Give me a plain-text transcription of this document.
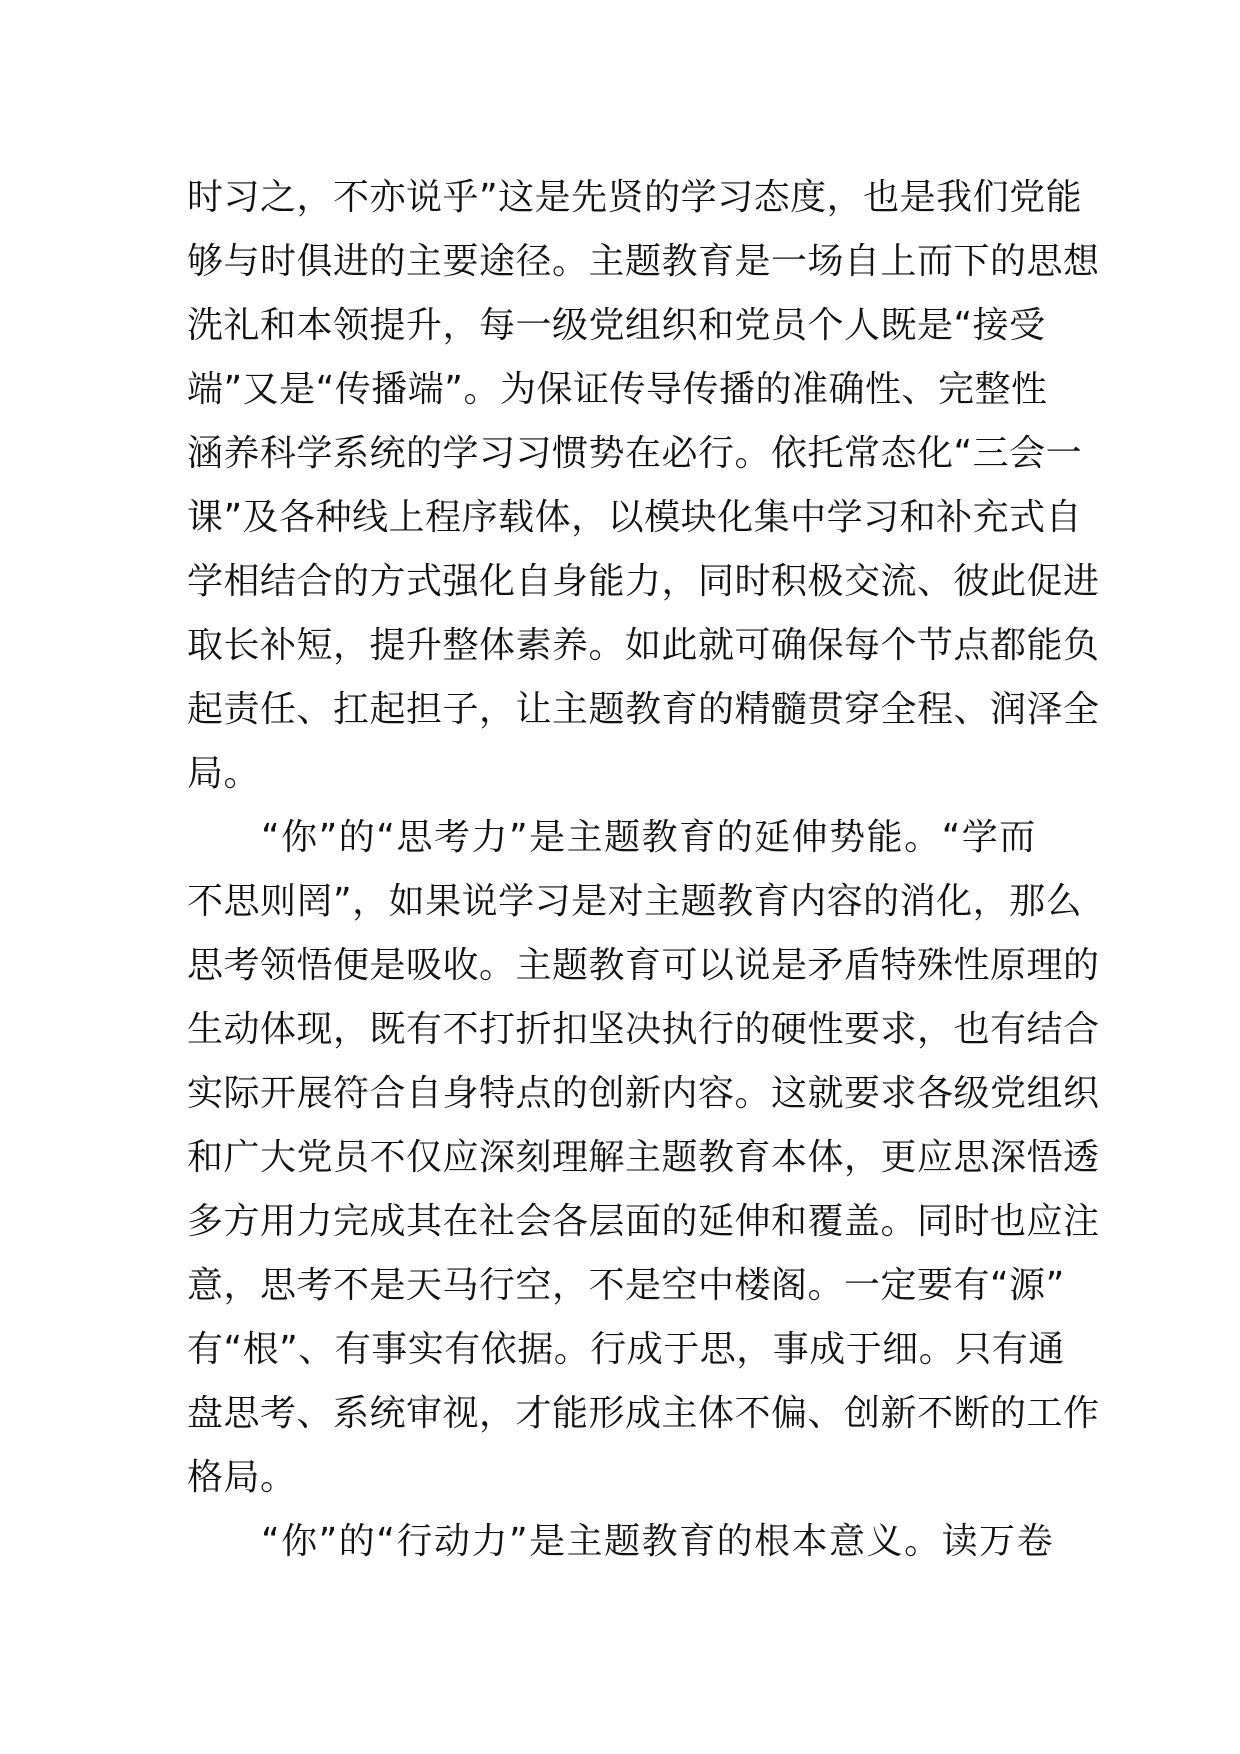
时习之，不亦说乎”这是先贤的学习态度，也是我们党能
够与时俱进的主要途径。主题教育是一场自上而下的思想
洗礼和本领提升，每一级党组织和党员个人既是“接受
端”又是“传播端”。为保证传导传播的准确性、完整性
涵养科学系统的学习习惯势在必行。依托常态化“三会一
课”及各种线上程序载体，以模块化集中学习和补充式自
学相结合的方式强化自身能力，同时积极交流、彼此促进
取长补短，提升整体素养。如此就可确保每个节点都能负
起责任、扛起担子，让主题教育的精髓贯穿全程、润泽全
局。
“你”的“思考力”是主题教育的延伸势能。“学而
不思则罔”，如果说学习是对主题教育内容的消化，那么
思考领悟便是吸收。主题教育可以说是矛盾特殊性原理的
生动体现，既有不打折扣坚决执行的硬性要求，也有结合
实际开展符合自身特点的创新内容。这就要求各级党组织
和广大党员不仅应深刻理解主题教育本体，更应思深悟透
多方用力完成其在社会各层面的延伸和覆盖。同时也应注
意，思考不是天马行空，不是空中楼阁。一定要有“源”
有“根”、有事实有依据。行成于思，事成于细。只有通
盘思考、系统审视，才能形成主体不偏、创新不断的工作
格局。
“你”的“行动力”是主题教育的根本意义。读万卷
